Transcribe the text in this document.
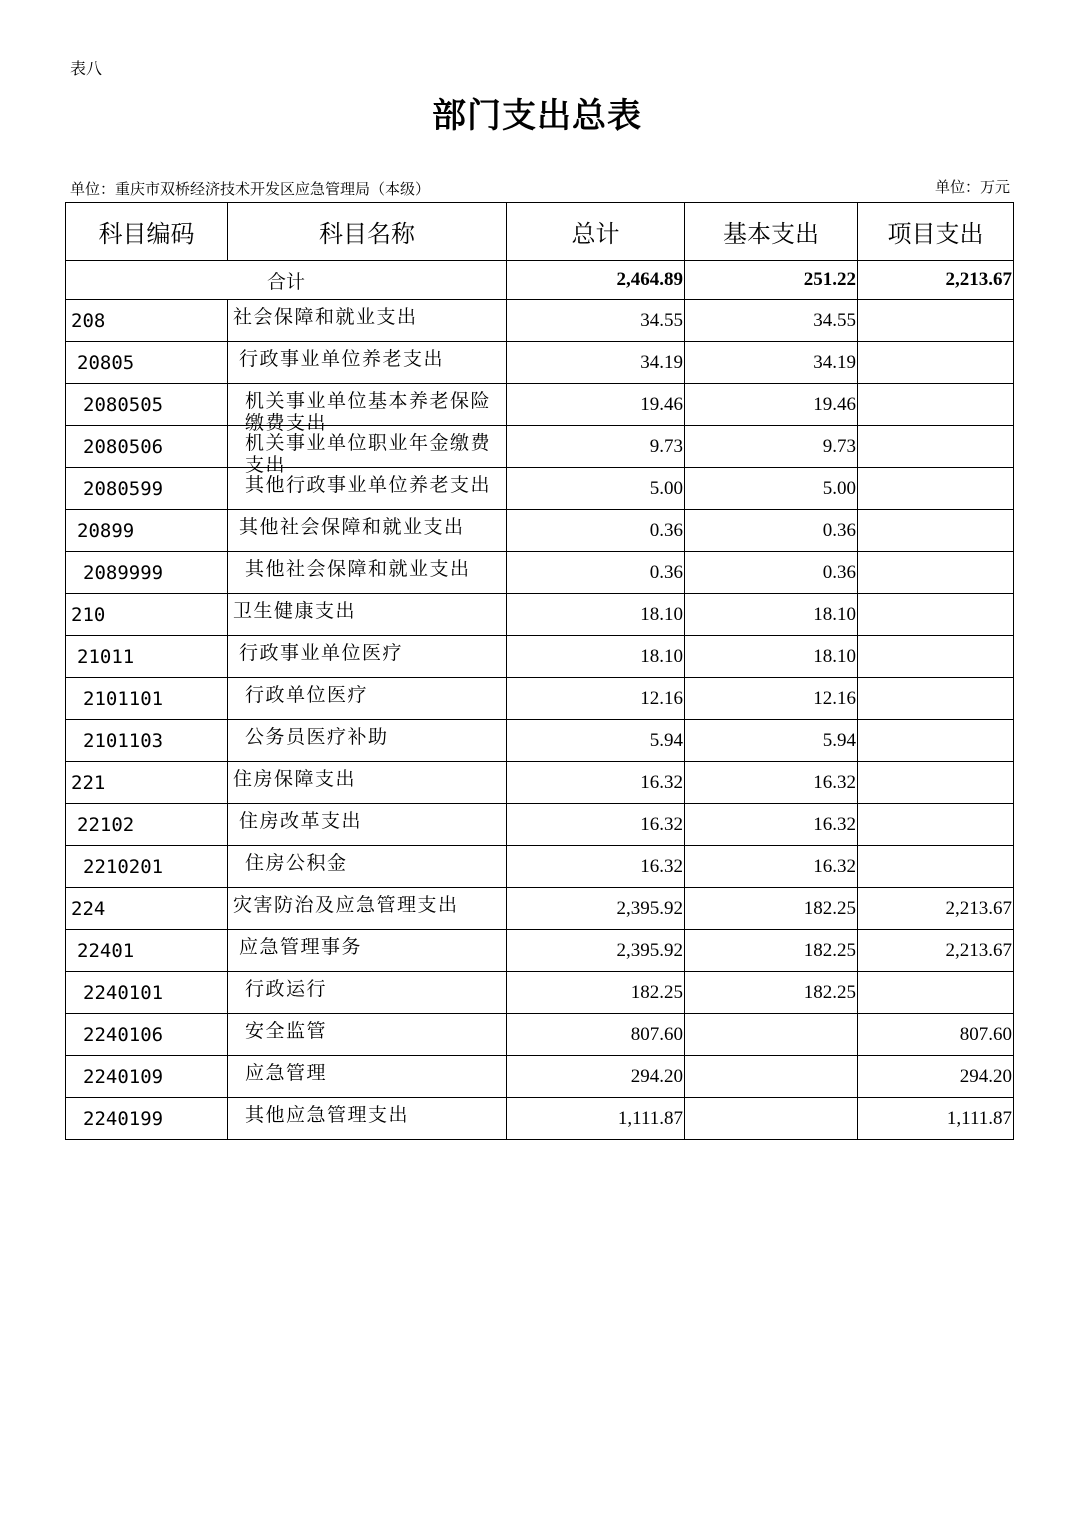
表八
部门支出总表
单位：重庆市双桥经济技术开发区应急管理局（本级）	单位：万元
科目编码	科目名称	总计	基本支出	项目支出
合计		2,464.89	251.22	2,213.67
208	社会保障和就业支出	34.55	34.55	
20805	行政事业单位养老支出	34.19	34.19	
2080505	机关事业单位基本养老保险缴费支出	19.46	19.46	
2080506	机关事业单位职业年金缴费支出	9.73	9.73	
2080599	其他行政事业单位养老支出	5.00	5.00	
20899	其他社会保障和就业支出	0.36	0.36	
2089999	其他社会保障和就业支出	0.36	0.36	
210	卫生健康支出	18.10	18.10	
21011	行政事业单位医疗	18.10	18.10	
2101101	行政单位医疗	12.16	12.16	
2101103	公务员医疗补助	5.94	5.94	
221	住房保障支出	16.32	16.32	
22102	住房改革支出	16.32	16.32	
2210201	住房公积金	16.32	16.32	
224	灾害防治及应急管理支出	2,395.92	182.25	2,213.67
22401	应急管理事务	2,395.92	182.25	2,213.67
2240101	行政运行	182.25	182.25	
2240106	安全监管	807.60		807.60
2240109	应急管理	294.20		294.20
2240199	其他应急管理支出	1,111.87		1,111.87
